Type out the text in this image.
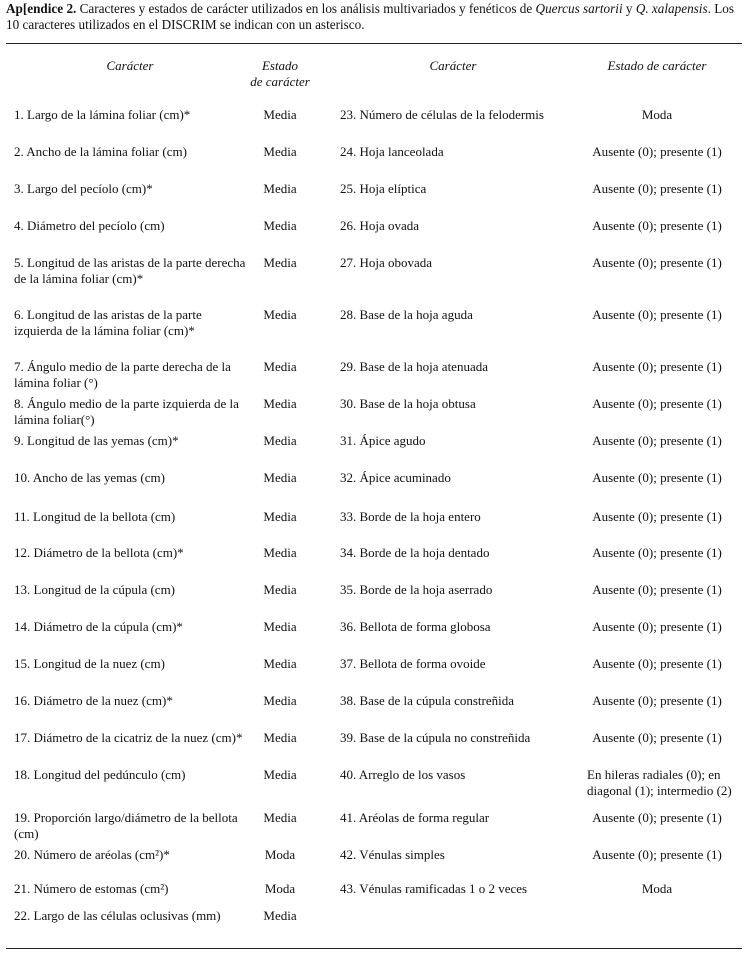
Ap[endice 2. Caracteres y estados de carácter utilizados en los análisis multivariados y fenéticos de Quercus sartorii y Q. xalapensis. Los 10 caracteres utilizados en el DISCRIM se indican con un asterisco.
Carácter	Estado
de carácter
Carácter	Estado de carácter
1. Largo de la lámina foliar (cm)*	Media
2. Ancho de la lámina foliar (cm)	Media
3. Largo del pecíolo (cm)*	Media
4. Diámetro del pecíolo (cm)	Media
5. Longitud de las aristas de la parte derecha de la lámina foliar (cm)*
Media
6. Longitud de las aristas de la parte izquierda de la lámina foliar (cm)*
Media
7. Ángulo medio de la parte derecha de la lámina foliar (°)
Media
8. Ángulo medio de la parte izquierda de la lámina foliar(°)
Media
9. Longitud de las yemas (cm)*	Media
10. Ancho de las yemas (cm)	Media
11. Longitud de la bellota (cm)	Media
12. Diámetro de la bellota (cm)*	Media
13. Longitud de la cúpula (cm)	Media
14. Diámetro de la cúpula (cm)*	Media
15. Longitud de la nuez (cm)	Media
16. Diámetro de la nuez (cm)*	Media
17. Diámetro de la cicatriz de la nuez (cm)*	Media
18. Longitud del pedúnculo (cm)	Media
19. Proporción largo/diámetro de la bellota (cm)
Media
20. Número de aréolas (cm²)*	Moda
21. Número de estomas (cm²)	Moda
22. Largo de las células oclusivas (mm)	Media
23. Número de células de la felodermis	Moda
24. Hoja lanceolada	Ausente (0); presente (1)
25. Hoja elíptica	Ausente (0); presente (1)
26. Hoja ovada	Ausente (0); presente (1)
27. Hoja obovada	Ausente (0); presente (1)
28. Base de la hoja aguda	Ausente (0); presente (1)
29. Base de la hoja atenuada	Ausente (0); presente (1)
30. Base de la hoja obtusa	Ausente (0); presente (1)
31. Ápice agudo	Ausente (0); presente (1)
32. Ápice acuminado	Ausente (0); presente (1)
33. Borde de la hoja entero	Ausente (0); presente (1)
34. Borde de la hoja dentado	Ausente (0); presente (1)
35. Borde de la hoja aserrado	Ausente (0); presente (1)
36. Bellota de forma globosa	Ausente (0); presente (1)
37. Bellota de forma ovoide	Ausente (0); presente (1)
38. Base de la cúpula constreñida	Ausente (0); presente (1)
39. Base de la cúpula no constreñida	Ausente (0); presente (1)
40. Arreglo de los vasos	En hileras radiales (0); en diagonal (1); intermedio (2)
41. Aréolas de forma regular	Ausente (0); presente (1)
42. Vénulas simples	Ausente (0); presente (1)
43. Vénulas ramificadas 1 o 2 veces	Moda
